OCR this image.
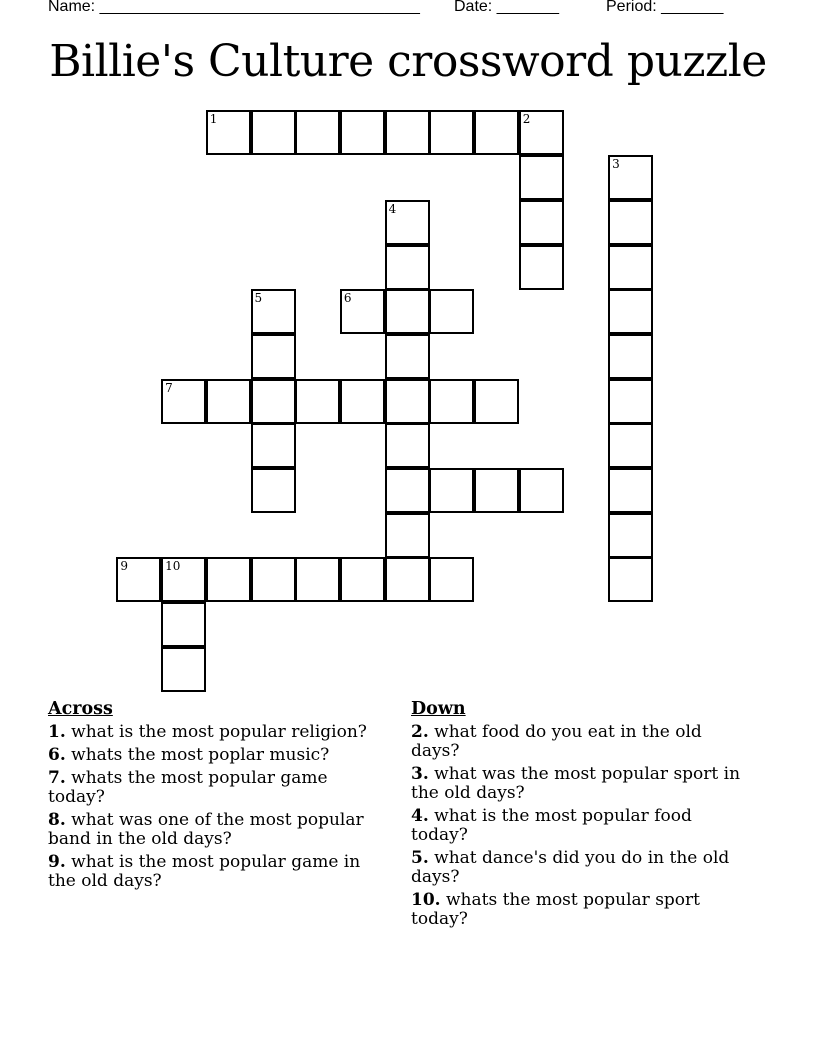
Name: ____________________________________ Date: _______	Period: _______
Billie's Culture crossword puzzle
1	2
3
4
5	6
7
9	10
Across
1. what is the most popular religion?
6. whats the most poplar music?
7. whats the most popular game today?
8. what was one of the most popular band in the old days?
9. what is the most popular game in the old days?
Down
2. what food do you eat in the old days?
3. what was the most popular sport in the old days?
4. what is the most popular food today?
5. what dance's did you do in the old days?
10. whats the most popular sport today?
